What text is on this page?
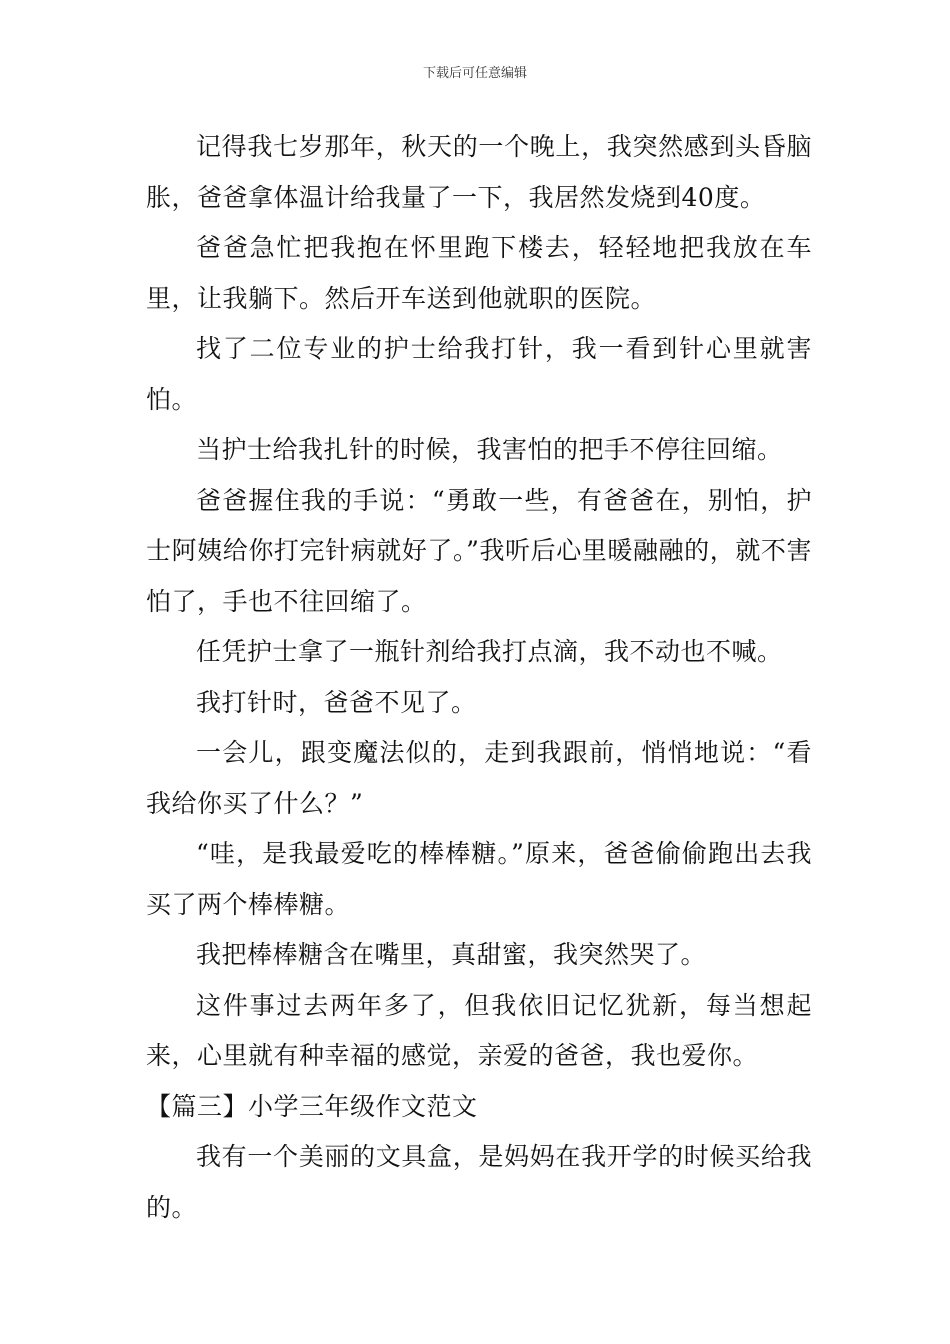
下载后可任意编辑

记得我七岁那年，秋天的一个晚上，我突然感到头昏脑胀，爸爸拿体温计给我量了一下，我居然发烧到40度。

爸爸急忙把我抱在怀里跑下楼去，轻轻地把我放在车里，让我躺下。然后开车送到他就职的医院。

找了二位专业的护士给我打针，我一看到针心里就害怕。

当护士给我扎针的时候，我害怕的把手不停往回缩。

爸爸握住我的手说：“勇敢一些，有爸爸在，别怕，护士阿姨给你打完针病就好了。”我听后心里暖融融的，就不害怕了，手也不往回缩了。

任凭护士拿了一瓶针剂给我打点滴，我不动也不喊。

我打针时，爸爸不见了。

一会儿，跟变魔法似的，走到我跟前，悄悄地说：“看我给你买了什么？”

“哇，是我最爱吃的棒棒糖。”原来，爸爸偷偷跑出去我买了两个棒棒糖。

我把棒棒糖含在嘴里，真甜蜜，我突然哭了。

这件事过去两年多了，但我依旧记忆犹新，每当想起来，心里就有种幸福的感觉，亲爱的爸爸，我也爱你。

【篇三】小学三年级作文范文

我有一个美丽的文具盒，是妈妈在我开学的时候买给我的。
